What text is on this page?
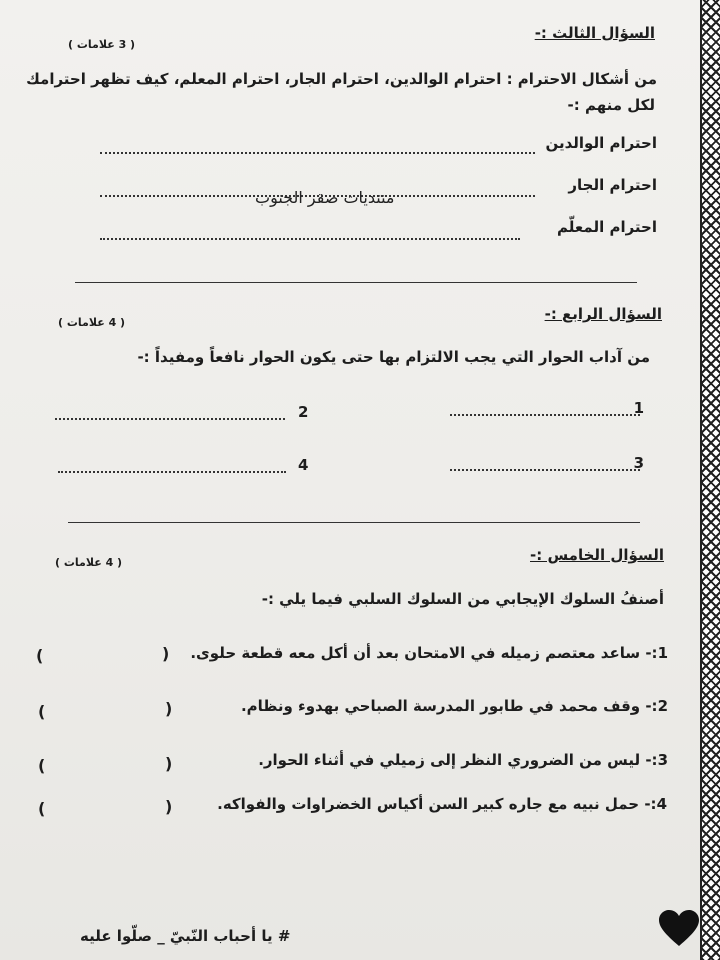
السؤال الثالث :-
( 3 علامات )
من أشكال الاحترام : احترام الوالدين، احترام الجار، احترام المعلم، كيف تظهر احترامك
لكل منهم :-
احترام الوالدين
احترام الجار
منتديات صقر الجنوب
احترام المعلّم
السؤال الرابع :-
( 4 علامات )
من آداب الحوار التي يجب الالتزام بها حتى يكون الحوار نافعاً ومفيداً :-
1
2
3
4
السؤال الخامس :-
( 4 علامات )
أصنفُ السلوك الإيجابي من السلوك السلبي فيما يلي :-
1:- ساعد معتصم زميله في الامتحان بعد أن أكل معه قطعة حلوى.
(
)
2:- وقف محمد في طابور المدرسة الصباحي بهدوء ونظام.
(
)
3:- ليس من الضروري النظر إلى زميلي في أثناء الحوار.
(
)
4:- حمل نبيه مع جاره كبير السن أكياس الخضراوات والفواكه.
(
)
# يا أحباب النّبيّ _ صلّوا عليه
